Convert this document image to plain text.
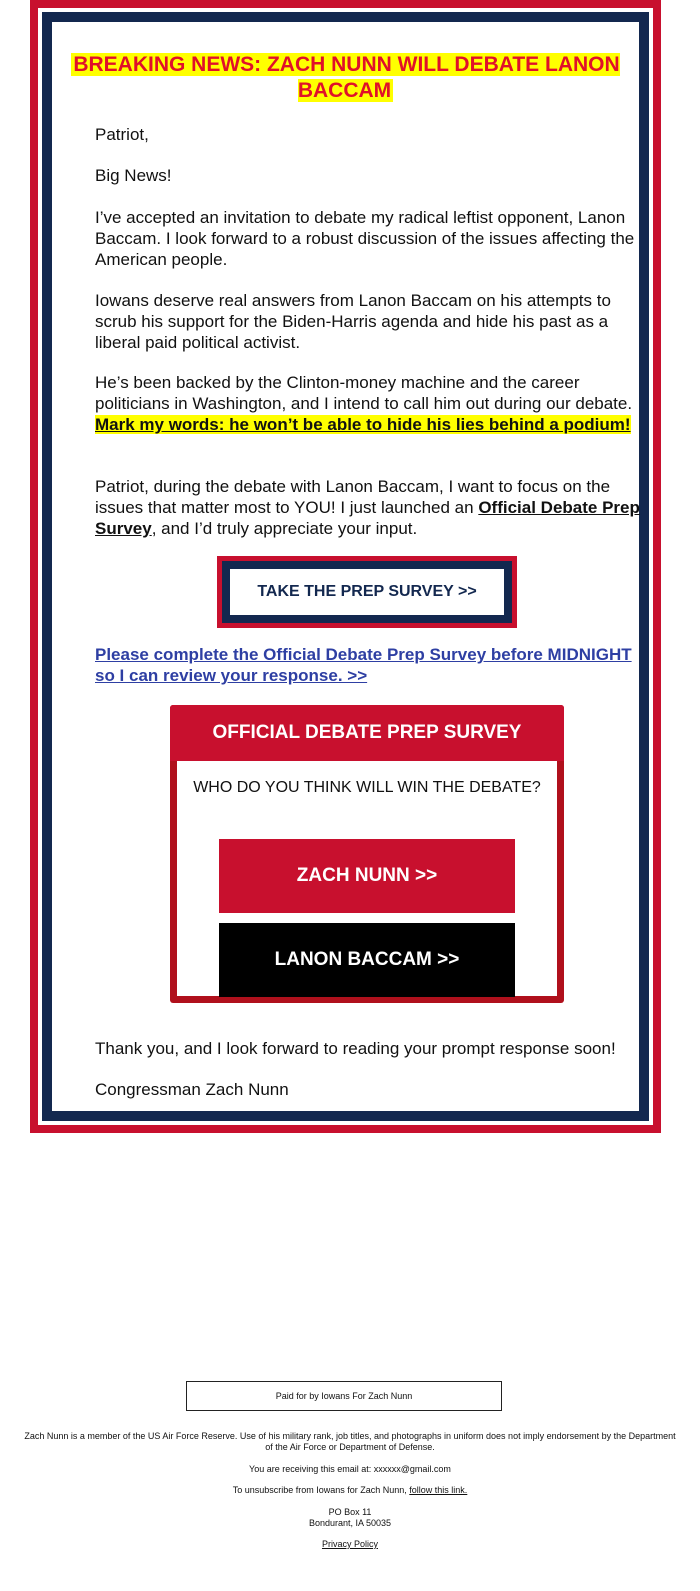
BREAKING NEWS: ZACH NUNN WILL DEBATE LANON BACCAM

Patriot,

Big News!

I’ve accepted an invitation to debate my radical leftist opponent, Lanon Baccam. I look forward to a robust discussion of the issues affecting the American people.

Iowans deserve real answers from Lanon Baccam on his attempts to scrub his support for the Biden-Harris agenda and hide his past as a liberal paid political activist.

He’s been backed by the Clinton-money machine and the career politicians in Washington, and I intend to call him out during our debate. Mark my words: he won’t be able to hide his lies behind a podium!

Patriot, during the debate with Lanon Baccam, I want to focus on the issues that matter most to YOU! I just launched an Official Debate Prep Survey, and I’d truly appreciate your input.

TAKE THE PREP SURVEY >>
Please complete the Official Debate Prep Survey before MIDNIGHT so I can review your response. >>
OFFICIAL DEBATE PREP SURVEY
WHO DO YOU THINK WILL WIN THE DEBATE?
ZACH NUNN >>
LANON BACCAM >>

Thank you, and I look forward to reading your prompt response soon!

Congressman Zach Nunn

Paid for by Iowans For Zach Nunn

Zach Nunn is a member of the US Air Force Reserve. Use of his military rank, job titles, and photographs in uniform does not imply endorsement by the Department of the Air Force or Department of Defense.

You are receiving this email at: xxxxxx@gmail.com

To unsubscribe from Iowans for Zach Nunn, follow this link.

PO Box 11

Bondurant, IA 50035

Privacy Policy
